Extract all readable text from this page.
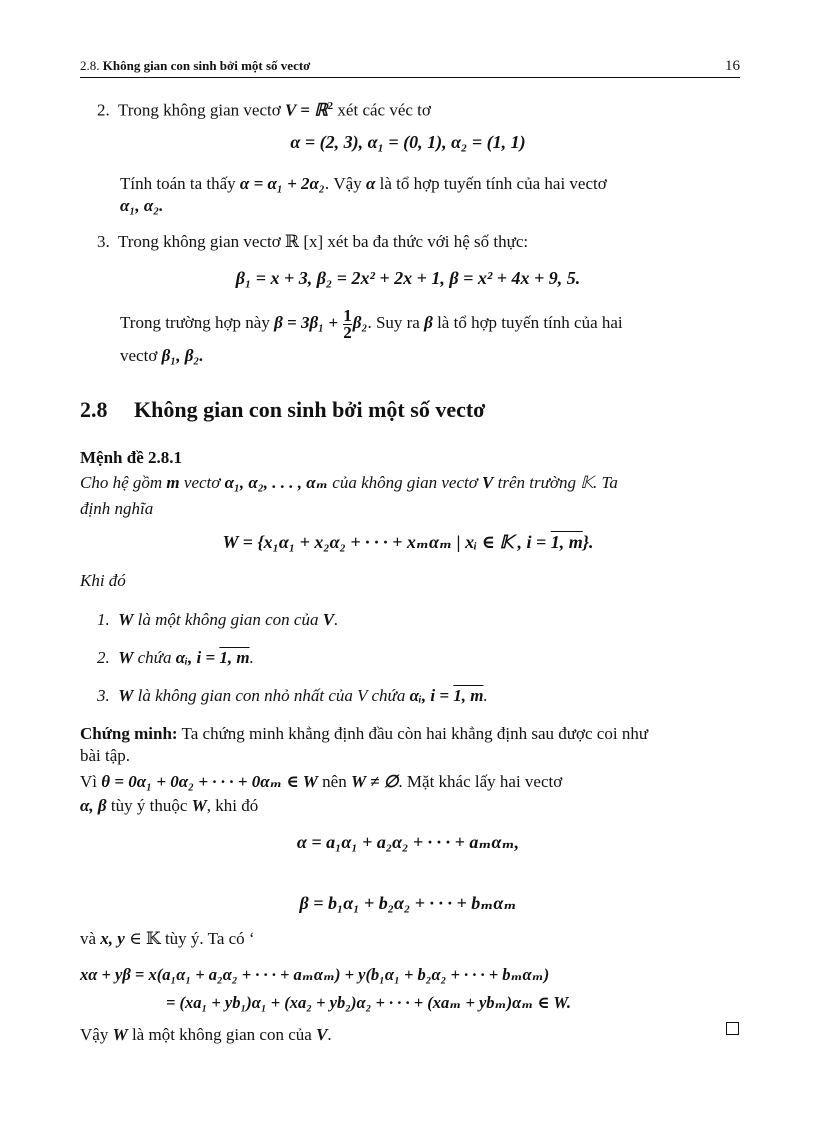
2.8. Không gian con sinh bởi một số vectơ	16
2. Trong không gian vectơ V = ℝ$^2$ xét các véc tơ
α = (2, 3), α₁ = (0, 1), α₂ = (1, 1)
Tính toán ta thấy α = α₁ + 2α₂. Vậy α là tổ hợp tuyến tính của hai vectơ
α₁, α₂.
3. Trong không gian vectơ ℝ [x] xét ba đa thức với hệ số thực:
β₁ = x + 3, β₂ = 2x² + 2x + 1, β = x² + 4x + 9, 5.
Trong trường hợp này $\beta = 3\beta_1 + \frac{1}{2} \beta_2$. Suy ra β là tổ hợp tuyến tính của hai
vectơ β₁, β₂.
2.8 Không gian con sinh bởi một số vectơ
Mệnh đề 2.8.1
Cho hệ gồm m vectơ α₁, α₂, . . . , αₘ của không gian vectơ V trên trường 𝕂. Ta
định nghĩa
W = {x₁α₁ + x₂α₂ + · · · + xₘαₘ | xᵢ ∈ 𝕂 , i = 1, m}.
Khi đó
1. W là một không gian con của V.
2. W chứa αᵢ, i = 1, m.
3. W là không gian con nhỏ nhất của V chứa αᵢ, i = 1, m.
Chứng minh: Ta chứng minh khẳng định đầu còn hai khẳng định sau được coi như
bài tập.
Vì θ = 0α₁ + 0α₂ + · · · + 0αₘ ∈ W nên W ≠ ∅. Mặt khác lấy hai vectơ
α, β tùy ý thuộc W, khi đó
α = a₁α₁ + a₂α₂ + · · · + aₘαₘ,
β = b₁α₁ + b₂α₂ + · · · + bₘαₘ
và x, y ∈ 𝕂 tùy ý. Ta có ‘
xα + yβ = x(a₁α₁ + a₂α₂ + · · · + aₘαₘ) + y(b₁α₁ + b₂α₂ + · · · + bₘαₘ)
= (xa₁ + yb₁)α₁ + (xa₂ + yb₂)α₂ + · · · + (xaₘ + ybₘ)αₘ ∈ W.
Vậy W là một không gian con của V.
